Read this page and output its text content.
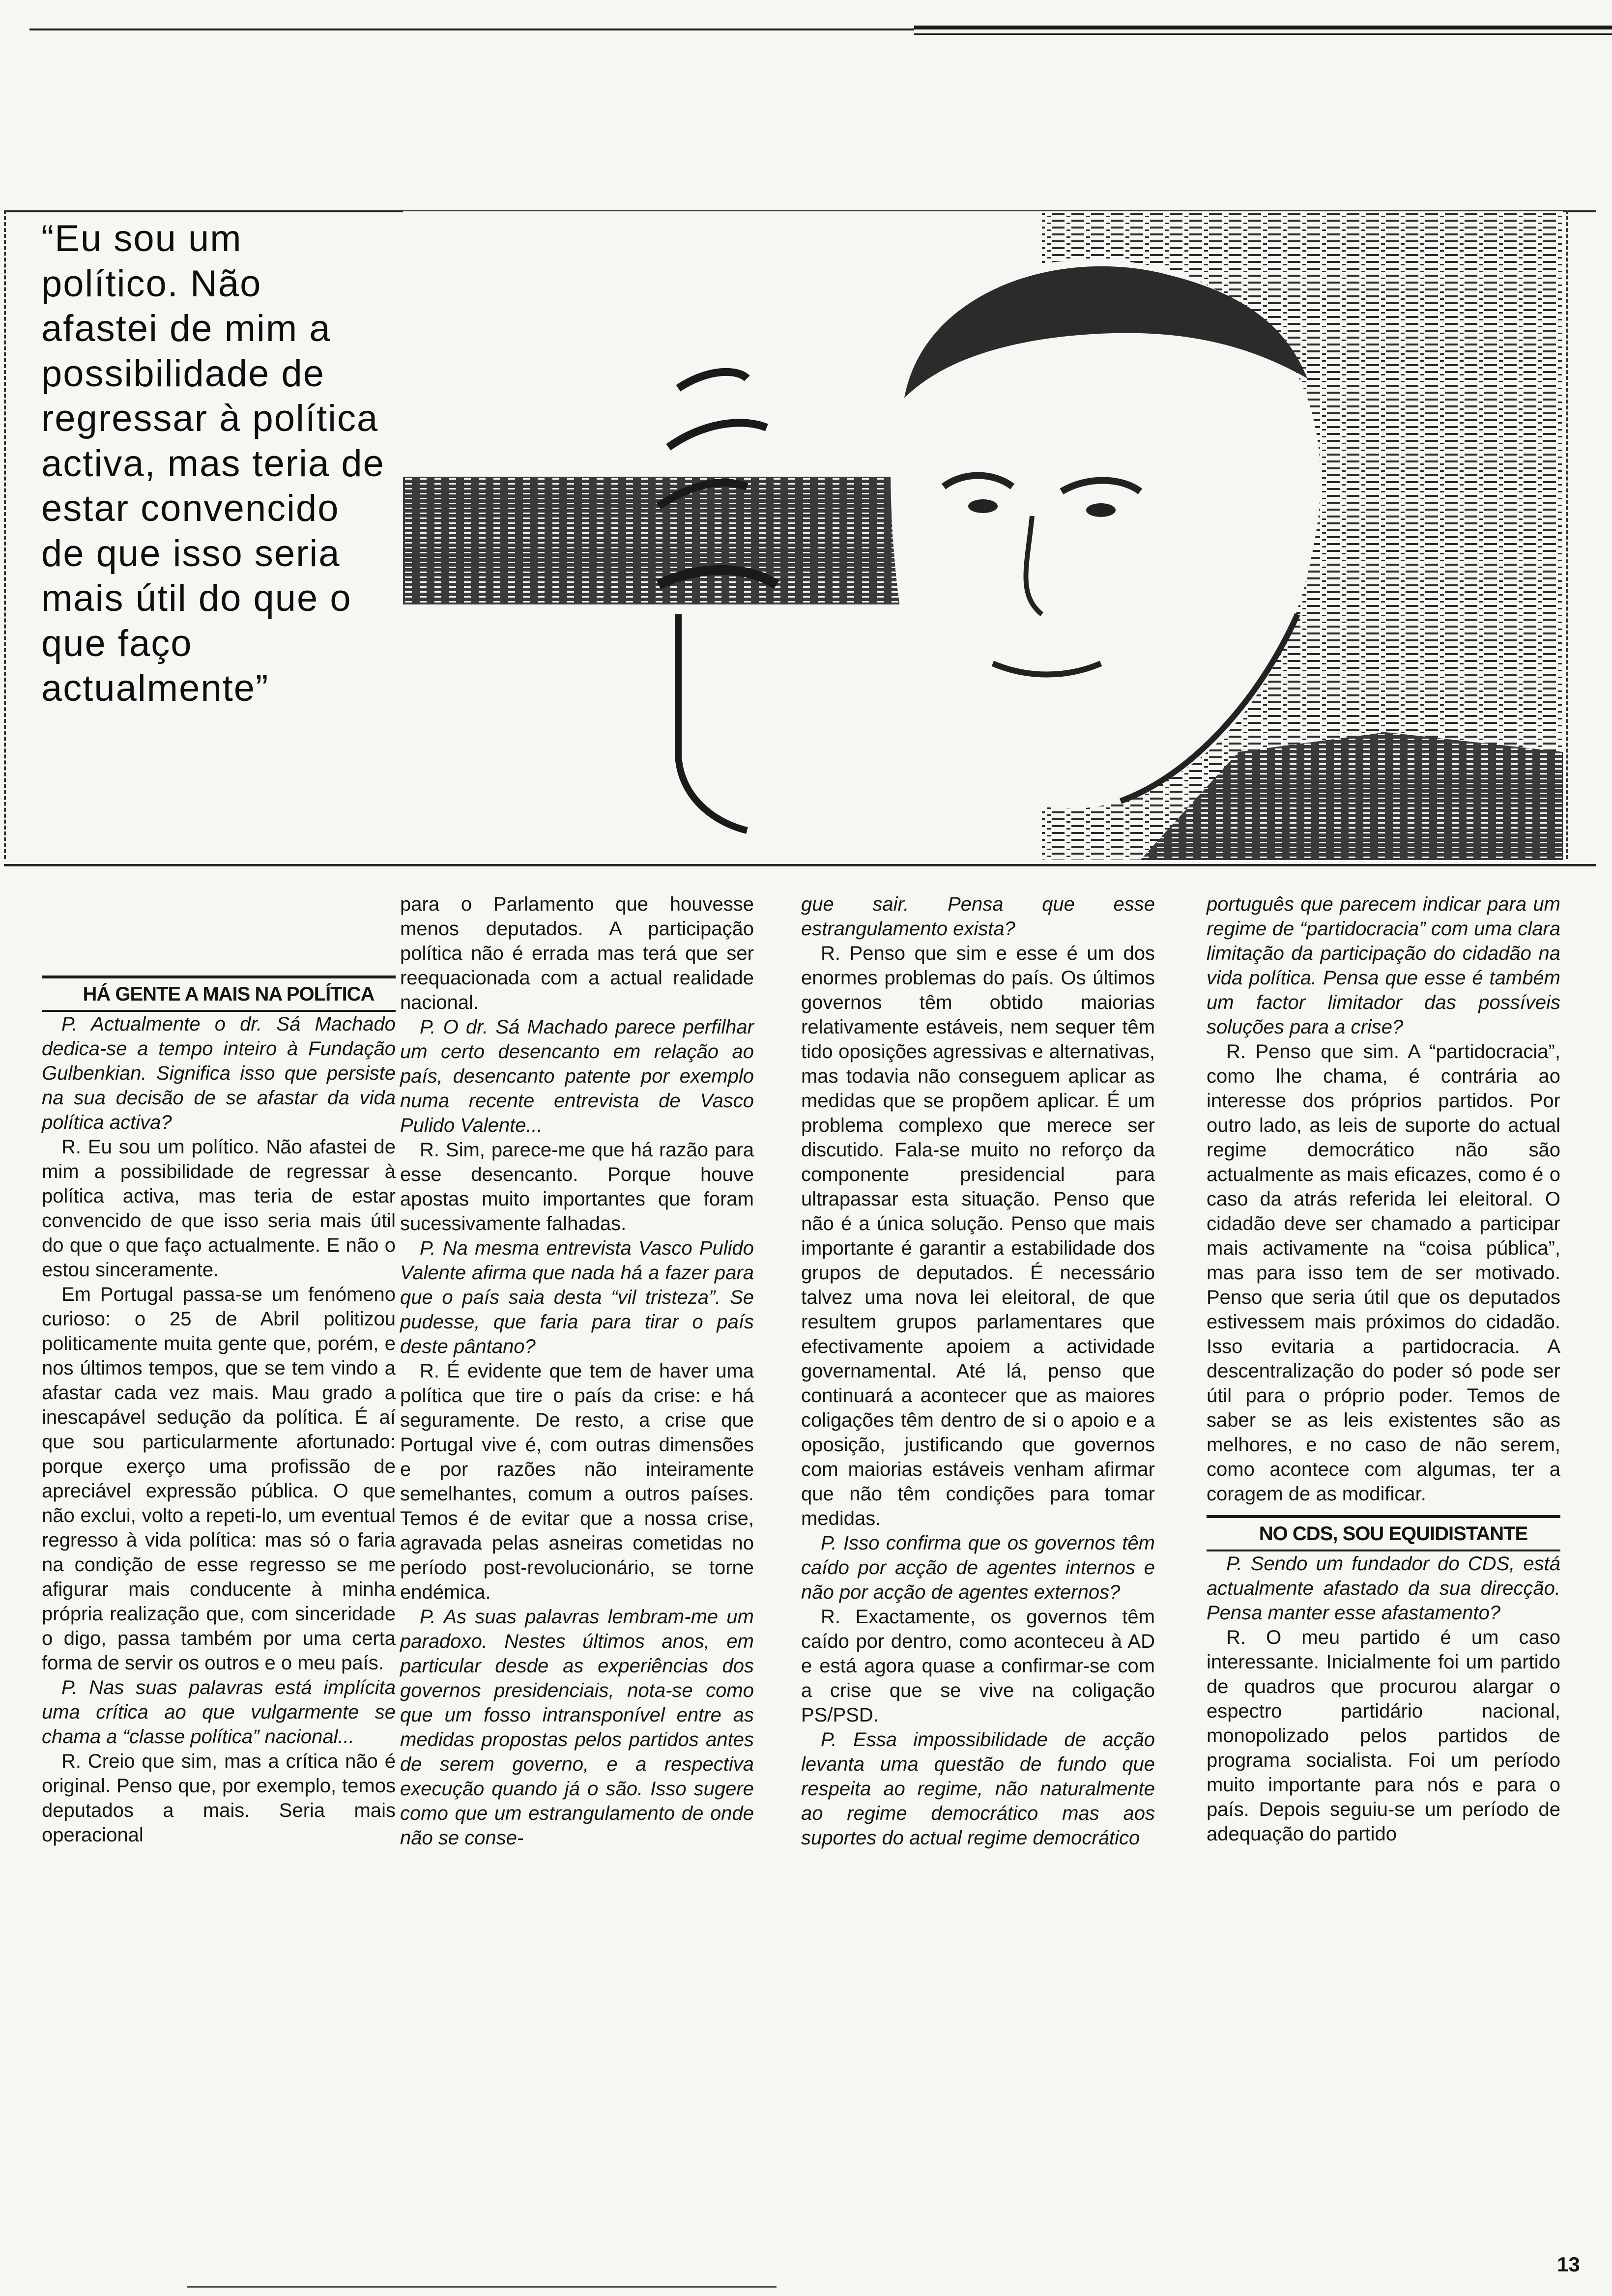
“Eu sou um político. Não afastei de mim a possibilidade de regressar à política activa, mas teria de estar convencido de que isso seria mais útil do que o que faço actualmente”

HÁ GENTE A MAIS NA POLÍTICA

P. Actualmente o dr. Sá Machado dedica-se a tempo inteiro à Fundação Gulbenkian. Significa isso que persiste na sua decisão de se afastar da vida política activa?

R. Eu sou um político. Não afastei de mim a possibilidade de regressar à política activa, mas teria de estar convencido de que isso seria mais útil do que o que faço actualmente. E não o estou sinceramente.

Em Portugal passa-se um fenómeno curioso: o 25 de Abril politizou politicamente muita gente que, porém, e nos últimos tempos, que se tem vindo a afastar cada vez mais. Mau grado a inescapável sedução da política. É aí que sou particularmente afortunado: porque exerço uma profissão de apreciável expressão pública. O que não exclui, volto a repeti-lo, um eventual regresso à vida política: mas só o faria na condição de esse regresso se me afigurar mais conducente à minha própria realização que, com sinceridade o digo, passa também por uma certa forma de servir os outros e o meu país.

P. Nas suas palavras está implícita uma crítica ao que vulgarmente se chama a “classe política” nacional...

R. Creio que sim, mas a crítica não é original. Penso que, por exemplo, temos deputados a mais. Seria mais operacional

para o Parlamento que houvesse menos deputados. A participação política não é errada mas terá que ser reequacionada com a actual realidade nacional.

P. O dr. Sá Machado parece perfilhar um certo desencanto em relação ao país, desencanto patente por exemplo numa recente entrevista de Vasco Pulido Valente...

R. Sim, parece-me que há razão para esse desencanto. Porque houve apostas muito importantes que foram sucessivamente falhadas.

P. Na mesma entrevista Vasco Pulido Valente afirma que nada há a fazer para que o país saia desta “vil tristeza”. Se pudesse, que faria para tirar o país deste pântano?

R. É evidente que tem de haver uma política que tire o país da crise: e há seguramente. De resto, a crise que Portugal vive é, com outras dimensões e por razões não inteiramente semelhantes, comum a outros países. Temos é de evitar que a nossa crise, agravada pelas asneiras cometidas no período post-revolucionário, se torne endémica.

P. As suas palavras lembram-me um paradoxo. Nestes últimos anos, em particular desde as experiências dos governos presidenciais, nota-se como que um fosso intransponível entre as medidas propostas pelos partidos antes de serem governo, e a respectiva execução quando já o são. Isso sugere como que um estrangulamento de onde não se conse-

gue sair. Pensa que esse estrangulamento exista?

R. Penso que sim e esse é um dos enormes problemas do país. Os últimos governos têm obtido maiorias relativamente estáveis, nem sequer têm tido oposições agressivas e alternativas, mas todavia não conseguem aplicar as medidas que se propõem aplicar. É um problema complexo que merece ser discutido. Fala-se muito no reforço da componente presidencial para ultrapassar esta situação. Penso que não é a única solução. Penso que mais importante é garantir a estabilidade dos grupos de deputados. É necessário talvez uma nova lei eleitoral, de que resultem grupos parlamentares que efectivamente apoiem a actividade governamental. Até lá, penso que continuará a acontecer que as maiores coligações têm dentro de si o apoio e a oposição, justificando que governos com maiorias estáveis venham afirmar que não têm condições para tomar medidas.

P. Isso confirma que os governos têm caído por acção de agentes internos e não por acção de agentes externos?

R. Exactamente, os governos têm caído por dentro, como aconteceu à AD e está agora quase a confirmar-se com a crise que se vive na coligação PS/PSD.

P. Essa impossibilidade de acção levanta uma questão de fundo que respeita ao regime, não naturalmente ao regime democrático mas aos suportes do actual regime democrático

português que parecem indicar para um regime de “partidocracia” com uma clara limitação da participação do cidadão na vida política. Pensa que esse é também um factor limitador das possíveis soluções para a crise?

R. Penso que sim. A “partidocracia”, como lhe chama, é contrária ao interesse dos próprios partidos. Por outro lado, as leis de suporte do actual regime democrático não são actualmente as mais eficazes, como é o caso da atrás referida lei eleitoral. O cidadão deve ser chamado a participar mais activamente na “coisa pública”, mas para isso tem de ser motivado. Penso que seria útil que os deputados estivessem mais próximos do cidadão. Isso evitaria a partidocracia. A descentralização do poder só pode ser útil para o próprio poder. Temos de saber se as leis existentes são as melhores, e no caso de não serem, como acontece com algumas, ter a coragem de as modificar.

NO CDS, SOU EQUIDISTANTE

P. Sendo um fundador do CDS, está actualmente afastado da sua direcção. Pensa manter esse afastamento?

R. O meu partido é um caso interessante. Inicialmente foi um partido de quadros que procurou alargar o espectro partidário nacional, monopolizado pelos partidos de programa socialista. Foi um período muito importante para nós e para o país. Depois seguiu-se um período de adequação do partido

13
